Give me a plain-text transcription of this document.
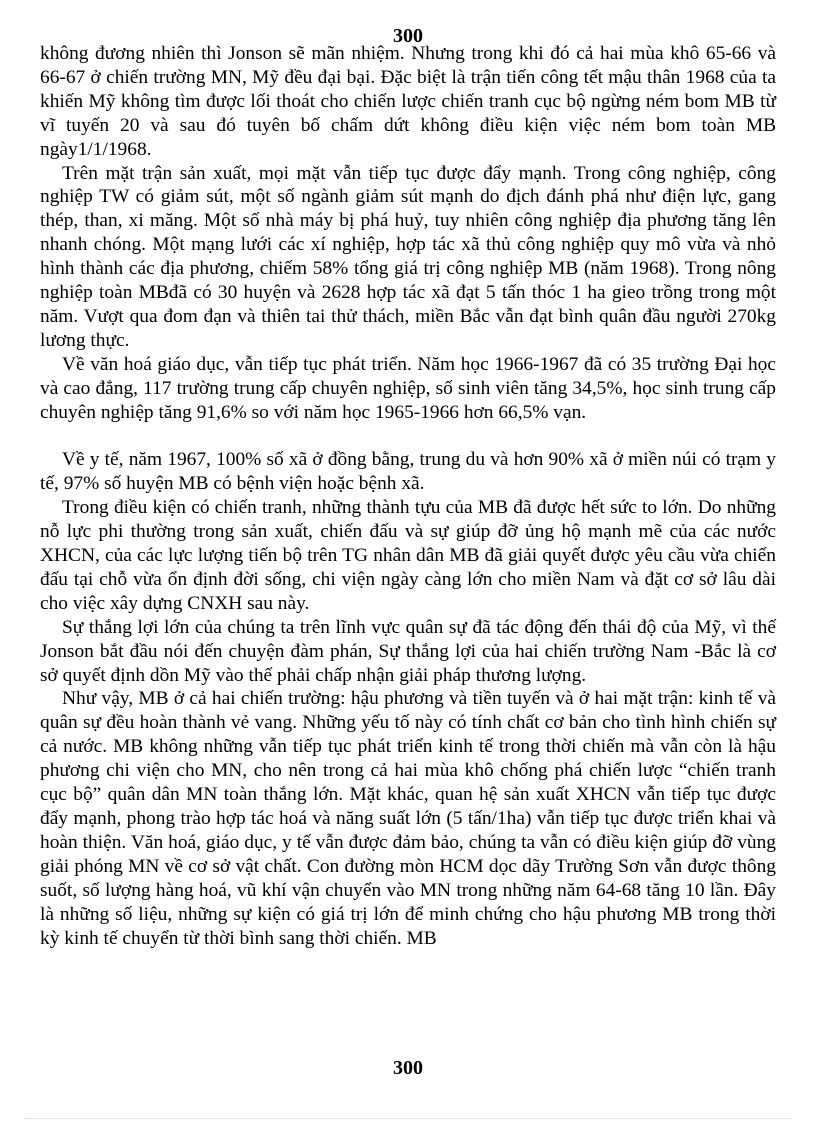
300

không đương nhiên thì Jonson sẽ mãn nhiệm. Nhưng trong khi đó cả hai mùa khô 65-66 và 66-67 ở chiến trường MN, Mỹ đều đại bại. Đặc biệt là trận tiến công tết mậu thân 1968 của ta khiến Mỹ không tìm được lối thoát cho chiến lược chiến tranh cục bộ ngừng ném bom MB từ vĩ tuyến 20 và sau đó tuyên bố chấm dứt không điều kiện việc ném bom toàn MB ngày1/1/1968.

Trên mặt trận sản xuất, mọi mặt vẫn tiếp tục được đẩy mạnh. Trong công nghiệp, công nghiệp TW có giảm sút, một số ngành giảm sút mạnh do địch đánh phá như điện lực, gang thép, than, xi măng. Một số nhà máy bị phá huỷ, tuy nhiên công nghiệp địa phương tăng lên nhanh chóng. Một mạng lưới các xí nghiệp, hợp tác xã thủ công nghiệp quy mô vừa và nhỏ hình thành các địa phương, chiếm 58% tổng giá trị công nghiệp MB (năm 1968). Trong nông nghiệp toàn MBđã có 30 huyện và 2628 hợp tác xã đạt 5 tấn thóc 1 ha gieo trồng trong một năm. Vượt qua đom đạn và thiên tai thử thách, miền Bắc vẫn đạt bình quân đầu người 270kg lương thực.

Về văn hoá giáo dục, vẫn tiếp tục phát triển. Năm học 1966-1967 đã có 35 trường Đại học và cao đẳng, 117 trường trung cấp chuyên nghiệp, số sinh viên tăng 34,5%, học sinh trung cấp chuyên nghiệp tăng 91,6% so với năm học 1965-1966 hơn 66,5% vạn.

Về y tế, năm 1967, 100% số xã ở đồng bằng, trung du và hơn 90% xã ở miền núi có trạm y tế, 97% số huyện MB có bệnh viện hoặc bệnh xã.

Trong điều kiện có chiến tranh, những thành tựu của MB đã được hết sức to lớn. Do những nỗ lực phi thường trong sản xuất, chiến đấu và sự giúp đỡ ủng hộ mạnh mẽ của các nước XHCN, của các lực lượng tiến bộ trên TG nhân dân MB đã giải quyết được yêu cầu vừa chiến đấu tại chỗ vừa ổn định đời sống, chi viện ngày càng lớn cho miền Nam và đặt cơ sở lâu dài cho việc xây dựng CNXH sau này.

Sự thắng lợi lớn của chúng ta trên lĩnh vực quân sự đã tác động đến thái độ của Mỹ, vì thế Jonson bắt đầu nói đến chuyện đàm phán, Sự thắng lợi của hai chiến trường Nam -Bắc là cơ sở quyết định dồn Mỹ vào thế phải chấp nhận giải pháp thương lượng.

Như vậy, MB ở cả hai chiến trường: hậu phương và tiền tuyến và ở hai mặt trận: kinh tế và quân sự đều hoàn thành vẻ vang. Những yếu tố này có tính chất cơ bản cho tình hình chiến sự cả nước. MB không những vẫn tiếp tục phát triển kinh tế trong thời chiến mà vẫn còn là hậu phương chi viện cho MN, cho nên trong cả hai mùa khô chống phá chiến lược “chiến tranh cục bộ” quân dân MN toàn thắng lớn. Mặt khác, quan hệ sản xuất XHCN vẫn tiếp tục được đẩy mạnh, phong trào hợp tác hoá và năng suất lớn (5 tấn/1ha) vẫn tiếp tục được triển khai và hoàn thiện. Văn hoá, giáo dục, y tế vẫn được đảm bảo, chúng ta vẫn có điều kiện giúp đỡ vùng giải phóng MN về cơ sở vật chất. Con đường mòn HCM dọc dãy Trường Sơn vẫn được thông suốt, số lượng hàng hoá, vũ khí vận chuyển vào MN trong những năm 64-68 tăng 10 lần. Đây là những số liệu, những sự kiện có giá trị lớn để minh chứng cho hậu phương MB trong thời kỳ kinh tế chuyển từ thời bình sang thời chiến. MB

300
